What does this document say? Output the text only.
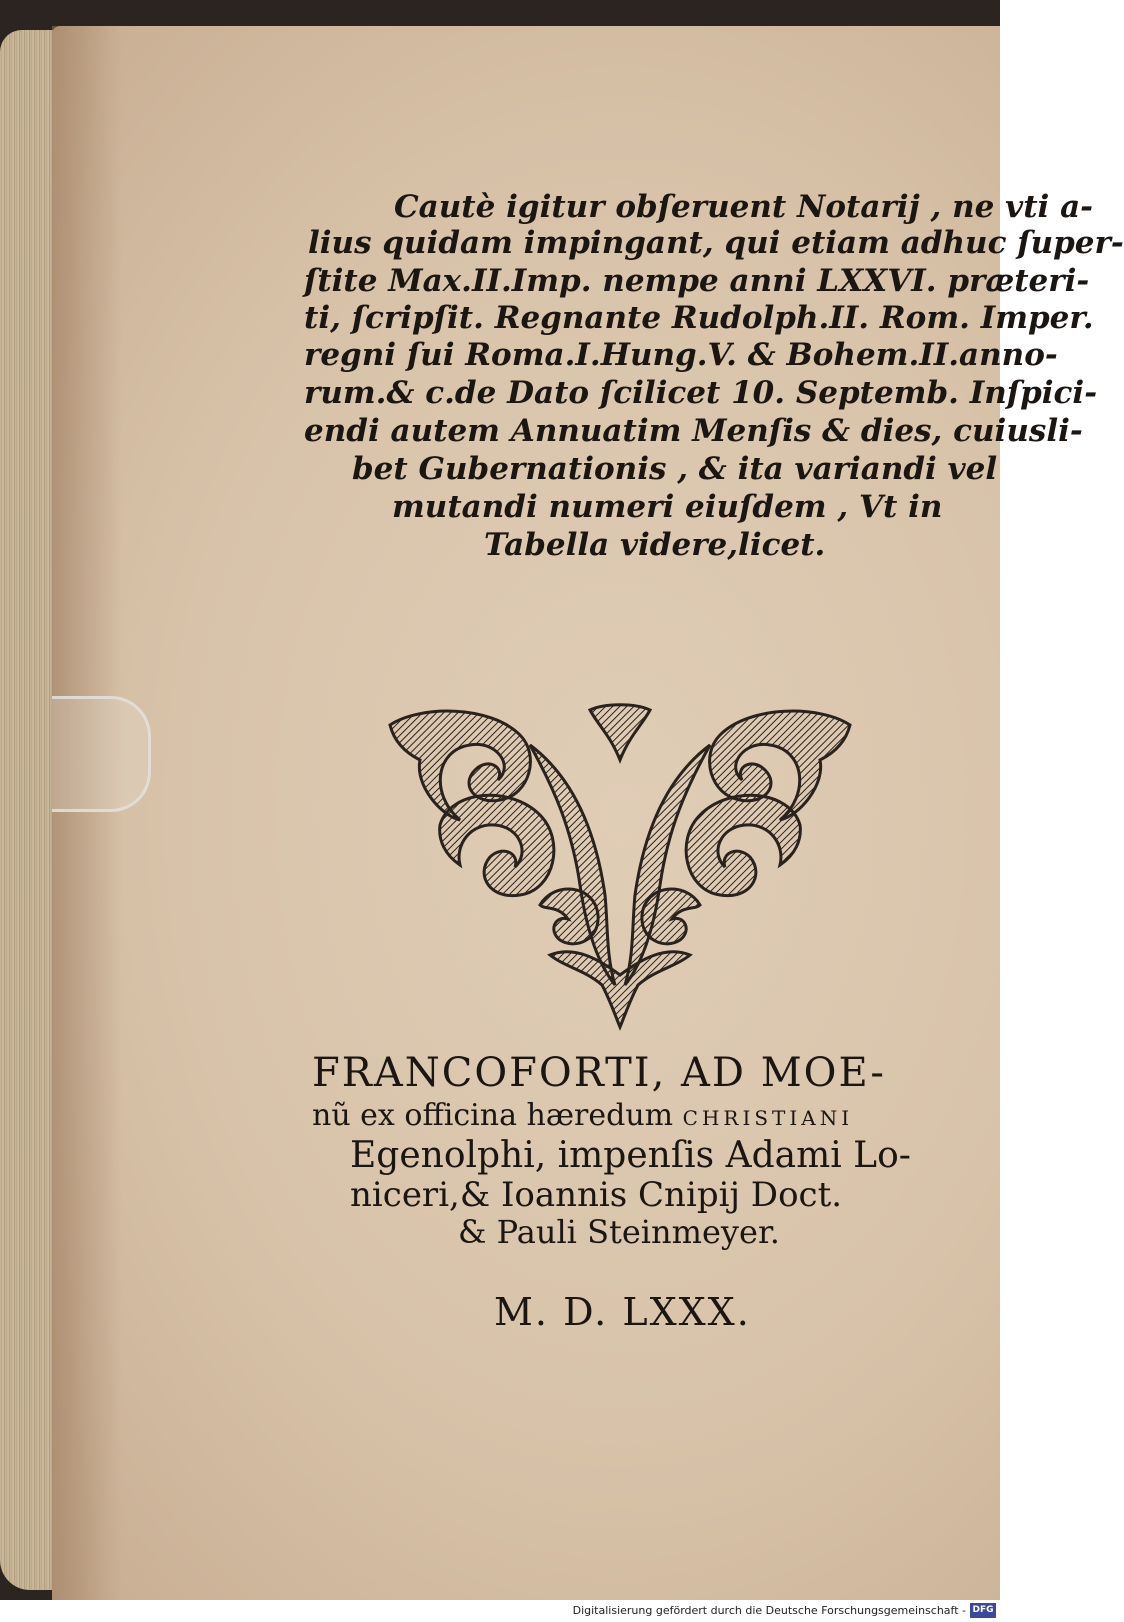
Cautè igitur obſeruent Notarij , ne vti a-
lius quidam impingant, qui etiam adhuc ſuper-
ſtite Max.II.Imp. nempe anni LXXVI. præteri-
ti, ſcripſit. Regnante Rudolph.II. Rom. Imper.
regni ſui Roma.I.Hung.V. & Bohem.II.anno-
rum.& c.de Dato ſcilicet 10. Septemb. Inſpici-
endi autem Annuatim Menſis & dies, cuiusli-
bet Gubernationis , & ita variandi vel
mutandi numeri eiuſdem , Vt in
Tabella videre,licet.
FRANCOFORTI, AD MOE-
nũ ex officina hæredum CHRISTIANI
Egenolphi, impenſis Adami Lo-
niceri,& Ioannis Cnipij Doct.
& Pauli Steinmeyer.
M. D. LXXX.
Digitalisierung gefördert durch die Deutsche Forschungsgemeinschaft - DFG
